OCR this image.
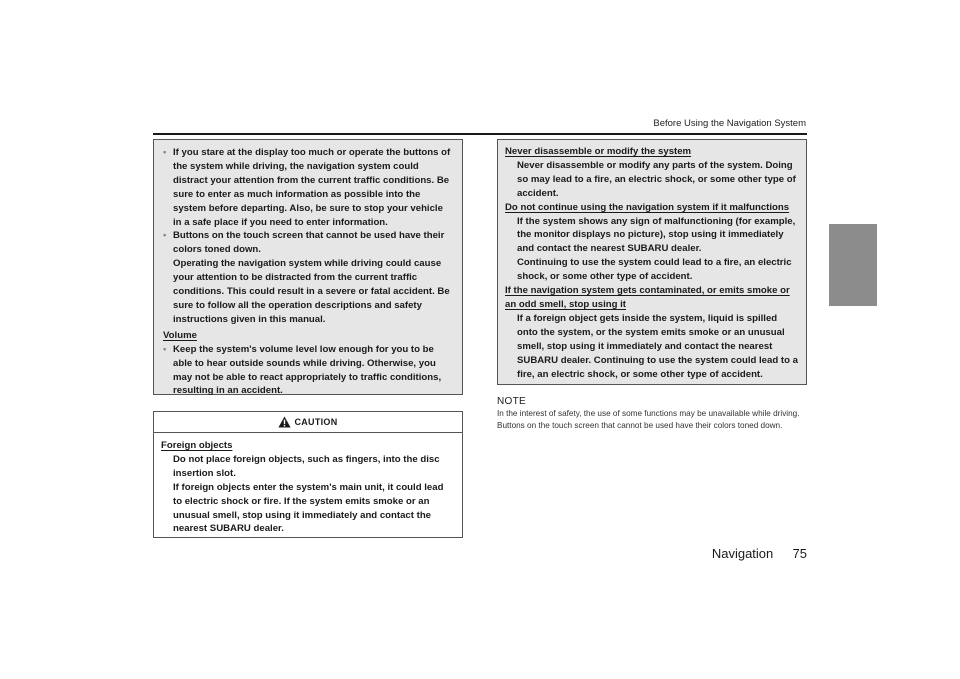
Before Using the Navigation System
• If you stare at the display too much or operate the buttons of the system while driving, the navigation system could distract your attention from the current traffic conditions. Be sure to enter as much information as possible into the system before departing. Also, be sure to stop your vehicle in a safe place if you need to enter information.
• Buttons on the touch screen that cannot be used have their colors toned down.
Operating the navigation system while driving could cause your attention to be distracted from the current traffic conditions. This could result in a severe or fatal accident. Be sure to follow all the operation descriptions and safety instructions given in this manual.
Volume
• Keep the system's volume level low enough for you to be able to hear outside sounds while driving. Otherwise, you may not be able to react appropriately to traffic conditions, resulting in an accident.
CAUTION
Foreign objects
Do not place foreign objects, such as fingers, into the disc insertion slot.
If foreign objects enter the system's main unit, it could lead to electric shock or fire. If the system emits smoke or an unusual smell, stop using it immediately and contact the nearest SUBARU dealer.
Never disassemble or modify the system
Never disassemble or modify any parts of the system. Doing so may lead to a fire, an electric shock, or some other type of accident.
Do not continue using the navigation system if it malfunctions
If the system shows any sign of malfunctioning (for example, the monitor displays no picture), stop using it immediately and contact the nearest SUBARU dealer.
Continuing to use the system could lead to a fire, an electric shock, or some other type of accident.
If the navigation system gets contaminated, or emits smoke or an odd smell, stop using it
If a foreign object gets inside the system, liquid is spilled onto the system, or the system emits smoke or an unusual smell, stop using it immediately and contact the nearest SUBARU dealer. Continuing to use the system could lead to a fire, an electric shock, or some other type of accident.
NOTE
In the interest of safety, the use of some functions may be unavailable while driving. Buttons on the touch screen that cannot be used have their colors toned down.
Navigation 75
